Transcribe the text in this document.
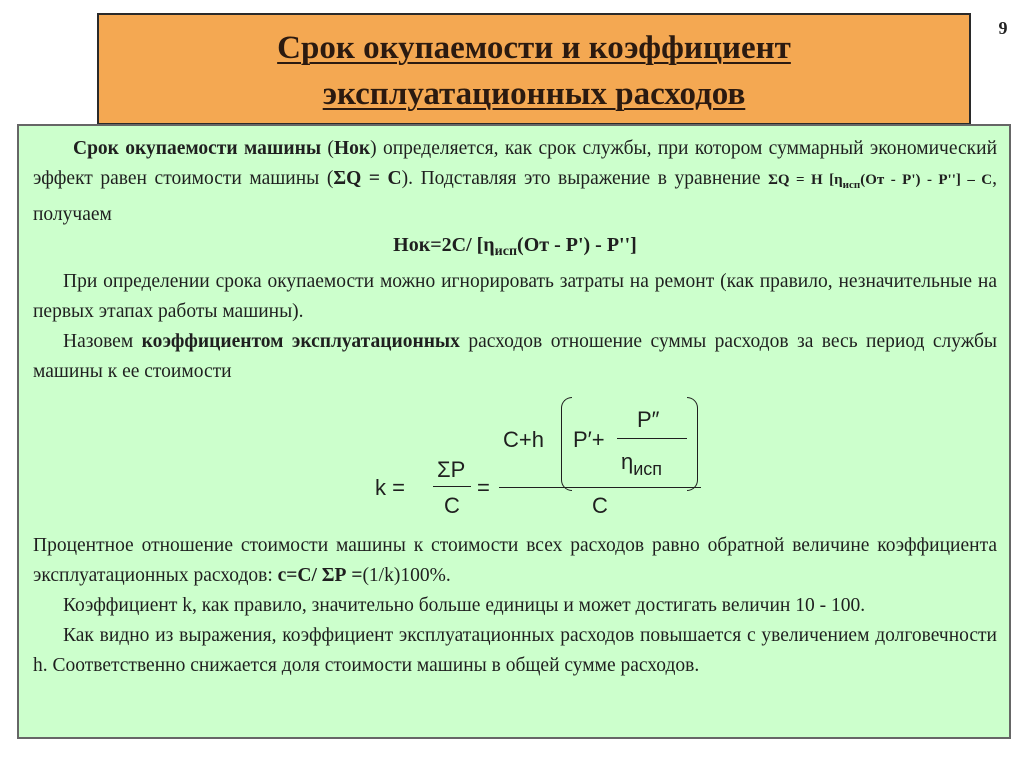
Срок окупаемости и коэффициент
эксплуатационных расходов
9

Срок окупаемости машины (Нок) определяется, как срок службы, при котором суммарный экономический эффект равен стоимости машины (ΣQ = C). Подставляя это выражение в уравнение ΣQ = H $[\eta_{исп}(От - Р') - Р'']$ – С, получаем

Нок=2С/ $[\eta_{исп}(От - Р') - Р'']$

При определении срока окупаемости можно игнорировать затраты на ремонт (как правило, незначительные на первых этапах работы машины).

Назовем коэффициентом эксплуатационных расходов отношение суммы расходов за весь период службы машины к ее стоимости

k =
ΣP
C
=
C+h P′+
P″
$\eta_{исп}$
C

Процентное отношение стоимости машины к стоимости всех расходов равно обратной величине коэффициента эксплуатационных расходов: с=С/ ΣР =(1/k)100%.

Коэффициент k, как правило, значительно больше единицы и может достигать величин 10 - 100.

Как видно из выражения, коэффициент эксплуатационных расходов повышается с увеличением долговечности h. Соответственно снижается доля стоимости машины в общей сумме расходов.
